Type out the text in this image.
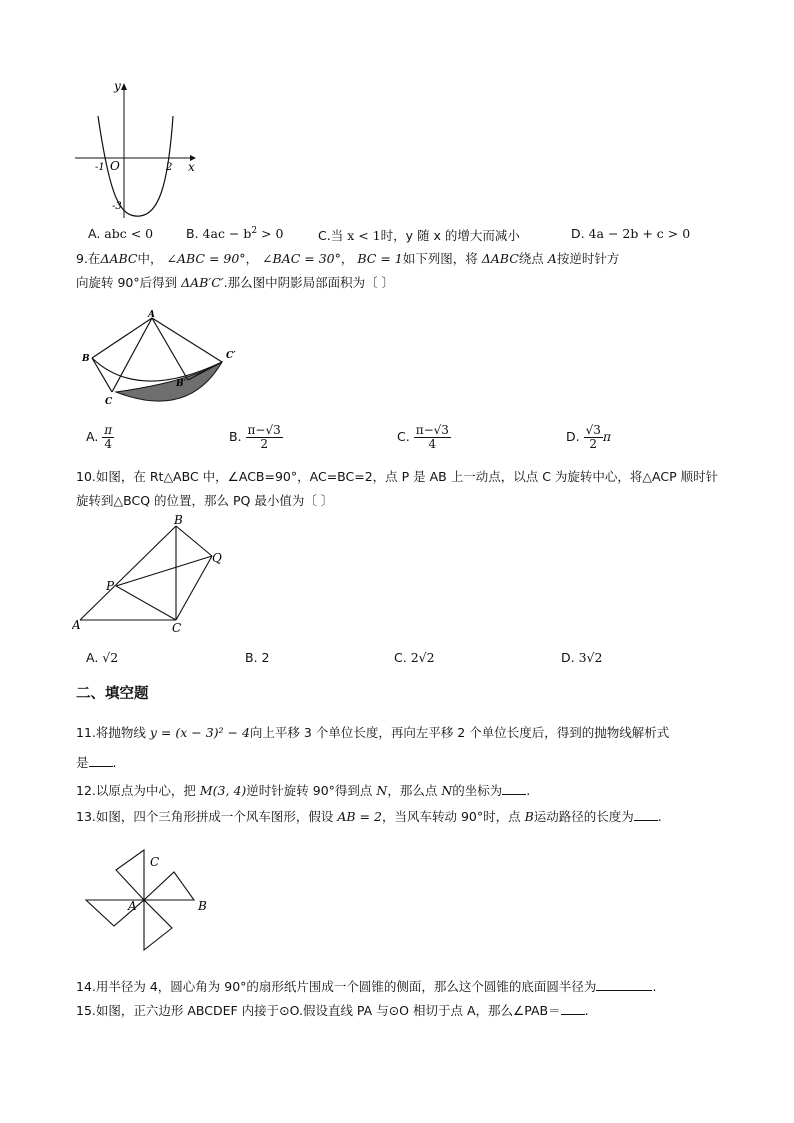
y
x
O
-1	2
-3
A. abc < 0	B. $4ac - b^2 > 0$	C.当 x < 1时，y 随 x 的增大而减小	D. 4a − 2b + c > 0
9.在ΔABC中， ∠ABC = 90°， ∠BAC = 30°， BC = 1如下列图，将 ΔABC绕点 A按逆时针方
向旋转 90°后得到 ΔAB′C′.那么图中阴影局部面积为〔 〕
A
B
C
B′
C′
A. $\frac{\pi}{4}$	B. $\frac{\pi-√3}{2}$	C. $\frac{\pi-√3}{4}$	D. $\frac{√3}{2}$ π
10.如图，在 Rt△ABC 中，∠ACB=90°，AC=BC=2，点 P 是 AB 上一动点，以点 C 为旋转中心，将△ACP 顺时针
旋转到△BCQ 的位置，那么 PQ 最小值为〔 〕
A
B
C
P
Q
A. √2	B. 2	C. 2√2	D. 3√2
二、填空题
11.将抛物线 y = (x − 3)² − 4向上平移 3 个单位长度，再向左平移 2 个单位长度后，得到的抛物线解析式
是 .
12.以原点为中心，把 M(3, 4)逆时针旋转 90°得到点 N，那么点 N的坐标为 .
13.如图，四个三角形拼成一个风车图形，假设 AB = 2，当风车转动 90°时，点 B运动路径的长度为 .
C
A	B
14.用半径为 4，圆心角为 90°的扇形纸片围成一个圆锥的侧面，那么这个圆锥的底面圆半径为	.
15.如图，正六边形 ABCDEF 内接于⊙O.假设直线 PA 与⊙O 相切于点 A，那么∠PAB＝ .
